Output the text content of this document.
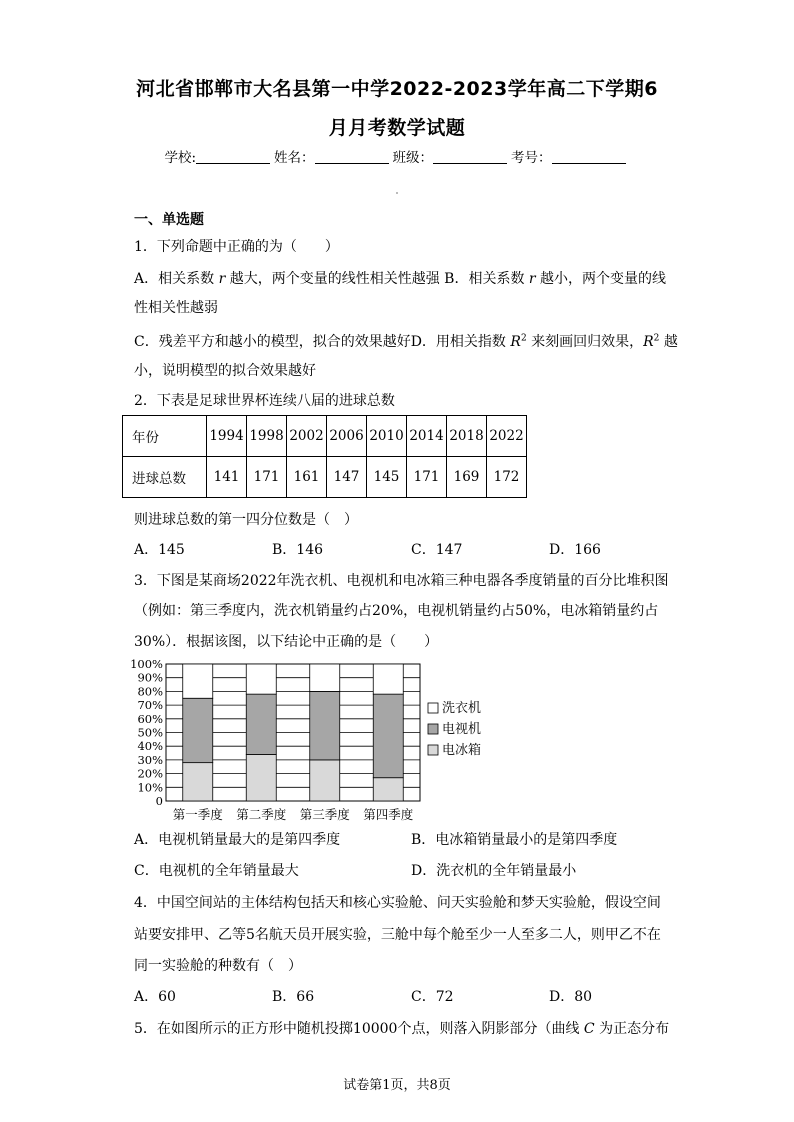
河北省邯郸市大名县第一中学2022-2023学年高二下学期6
月月考数学试题
学校:	姓名：	班级：	考号：
一、单选题
1．下列命题中正确的为（　　）
A．相关系数 r 越大，两个变量的线性相关性越强 B．相关系数 r 越小，两个变量的线
性相关性越弱
C．残差平方和越小的模型，拟合的效果越好D．用相关指数 $R^2$ 来刻画回归效果，$R^2$ 越
小，说明模型的拟合效果越好
2．下表是足球世界杯连续八届的进球总数
年份	1994	1998	2002	2006	2010	2014	2018	2022
进球总数	141	171	161	147	145	171	169	172
则进球总数的第一四分位数是（　）
A．145	B．146	C．147	D．166
3．下图是某商场2022年洗衣机、电视机和电冰箱三种电器各季度销量的百分比堆积图
（例如：第三季度内，洗衣机销量约占20%，电视机销量约占50%，电冰箱销量约占
30%）．根据该图，以下结论中正确的是（　　）
100%
90%
80%
70%
60%
50%
40%
30%
20%
10%
0
第一季度 第二季度 第三季度 第四季度
洗衣机
电视机
电冰箱
A．电视机销量最大的是第四季度	B．电冰箱销量最小的是第四季度
C．电视机的全年销量最大	D．洗衣机的全年销量最小
4．中国空间站的主体结构包括天和核心实验舱、问天实验舱和梦天实验舱，假设空间
站要安排甲、乙等5名航天员开展实验，三舱中每个舱至少一人至多二人，则甲乙不在
同一实验舱的种数有（　）
A．60	B．66	C．72	D．80
5．在如图所示的正方形中随机投掷10000个点，则落入阴影部分（曲线 C 为正态分布
试卷第1页，共8页
